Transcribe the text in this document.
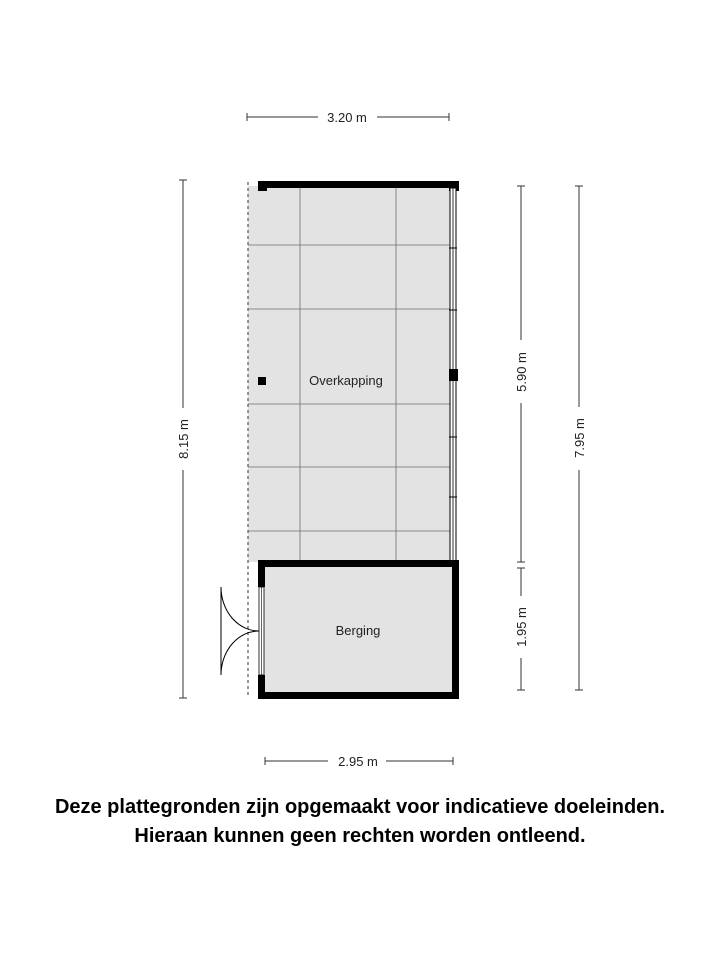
Overkapping
Berging
3.20 m
2.95 m
8.15 m
5.90 m
1.95 m
7.95 m
Deze plattegronden zijn opgemaakt voor indicatieve doeleinden.
Hieraan kunnen geen rechten worden ontleend.
